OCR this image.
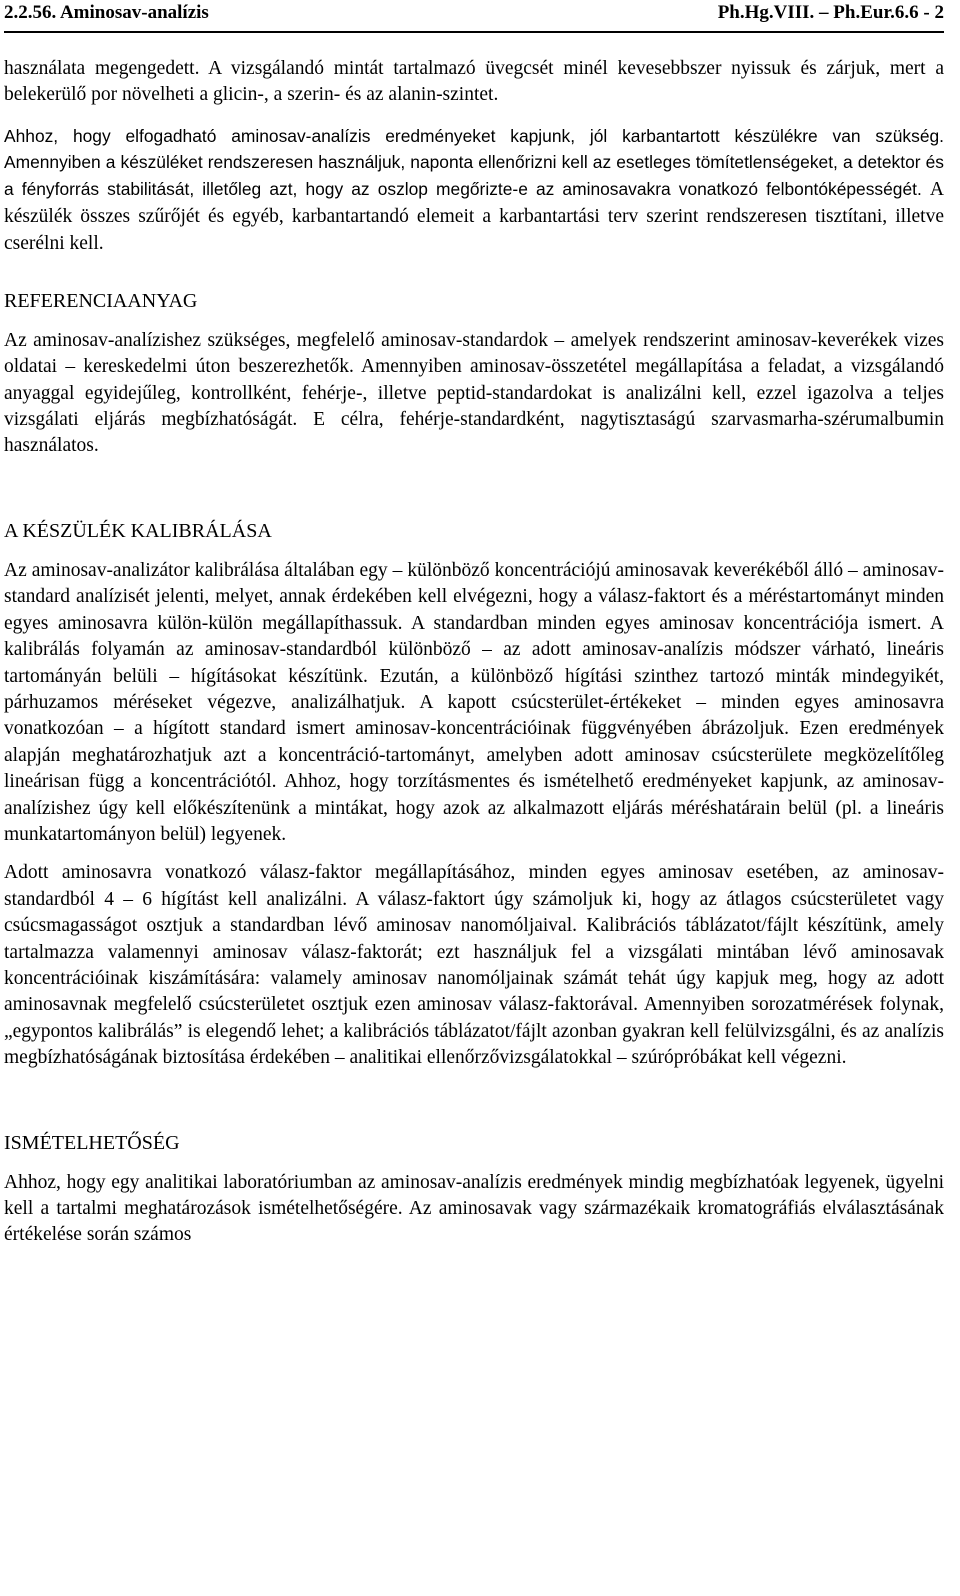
2.2.56. Aminosav-analízis	Ph.Hg.VIII. – Ph.Eur.6.6 - 2

használata megengedett. A vizsgálandó mintát tartalmazó üvegcsét minél kevesebbszer nyissuk és zárjuk, mert a belekerülő por növelheti a glicin-, a szerin- és az alanin-szintet.

Ahhoz, hogy elfogadható aminosav-analízis eredményeket kapjunk, jól karbantartott készülékre van szükség. Amennyiben a készüléket rendszeresen használjuk, naponta ellenőrizni kell az esetleges tömítetlenségeket, a detektor és a fényforrás stabilitását, illetőleg azt, hogy az oszlop megőrizte-e az aminosavakra vonatkozó felbontóképességét. A készülék összes szűrőjét és egyéb, karbantartandó elemeit a karbantartási terv szerint rendszeresen tisztítani, illetve cserélni kell.

REFERENCIAANYAG

Az aminosav-analízishez szükséges, megfelelő aminosav-standardok – amelyek rendszerint aminosav-keverékek vizes oldatai – kereskedelmi úton beszerezhetők. Amennyiben aminosav-összetétel megállapítása a feladat, a vizsgálandó anyaggal egyidejűleg, kontrollként, fehérje-, illetve peptid-standardokat is analizálni kell, ezzel igazolva a teljes vizsgálati eljárás megbízhatóságát. E célra, fehérje-standardként, nagytisztaságú szarvasmarha-szérumalbumin használatos.

A KÉSZÜLÉK KALIBRÁLÁSA

Az aminosav-analizátor kalibrálása általában egy – különböző koncentrációjú aminosavak keverékéből álló – aminosav-standard analízisét jelenti, melyet, annak érdekében kell elvégezni, hogy a válasz-faktort és a méréstartományt minden egyes aminosavra külön-külön megállapíthassuk. A standardban minden egyes aminosav koncentrációja ismert. A kalibrálás folyamán az aminosav-standardból különböző – az adott aminosav-analízis módszer várható, lineáris tartományán belüli – hígításokat készítünk. Ezután, a különböző hígítási szinthez tartozó minták mindegyikét, párhuzamos méréseket végezve, analizálhatjuk. A kapott csúcsterület-értékeket – minden egyes aminosavra vonatkozóan – a hígított standard ismert aminosav-koncentrációinak függvényében ábrázoljuk. Ezen eredmények alapján meghatározhatjuk azt a koncentráció-tartományt, amelyben adott aminosav csúcsterülete megközelítőleg lineárisan függ a koncentrációtól. Ahhoz, hogy torzításmentes és ismételhető eredményeket kapjunk, az aminosav-analízishez úgy kell előkészítenünk a mintákat, hogy azok az alkalmazott eljárás méréshatárain belül (pl. a lineáris munkatartományon belül) legyenek.

Adott aminosavra vonatkozó válasz-faktor megállapításához, minden egyes aminosav esetében, az aminosav-standardból 4 – 6 hígítást kell analizálni. A válasz-faktort úgy számoljuk ki, hogy az átlagos csúcsterületet vagy csúcsmagasságot osztjuk a standardban lévő aminosav nanomóljaival. Kalibrációs táblázatot/fájlt készítünk, amely tartalmazza valamennyi aminosav válasz-faktorát; ezt használjuk fel a vizsgálati mintában lévő aminosavak koncentrációinak kiszámítására: valamely aminosav nanomóljainak számát tehát úgy kapjuk meg, hogy az adott aminosavnak megfelelő csúcsterületet osztjuk ezen aminosav válasz-faktorával. Amennyiben sorozatmérések folynak, „egypontos kalibrálás” is elegendő lehet; a kalibrációs táblázatot/fájlt azonban gyakran kell felülvizsgálni, és az analízis megbízhatóságának biztosítása érdekében – analitikai ellenőrzővizsgálatokkal – szúrópróbákat kell végezni.

ISMÉTELHETŐSÉG

Ahhoz, hogy egy analitikai laboratóriumban az aminosav-analízis eredmények mindig megbízhatóak legyenek, ügyelni kell a tartalmi meghatározások ismételhetőségére. Az aminosavak vagy származékaik kromatográfiás elválasztásának értékelése során számos
